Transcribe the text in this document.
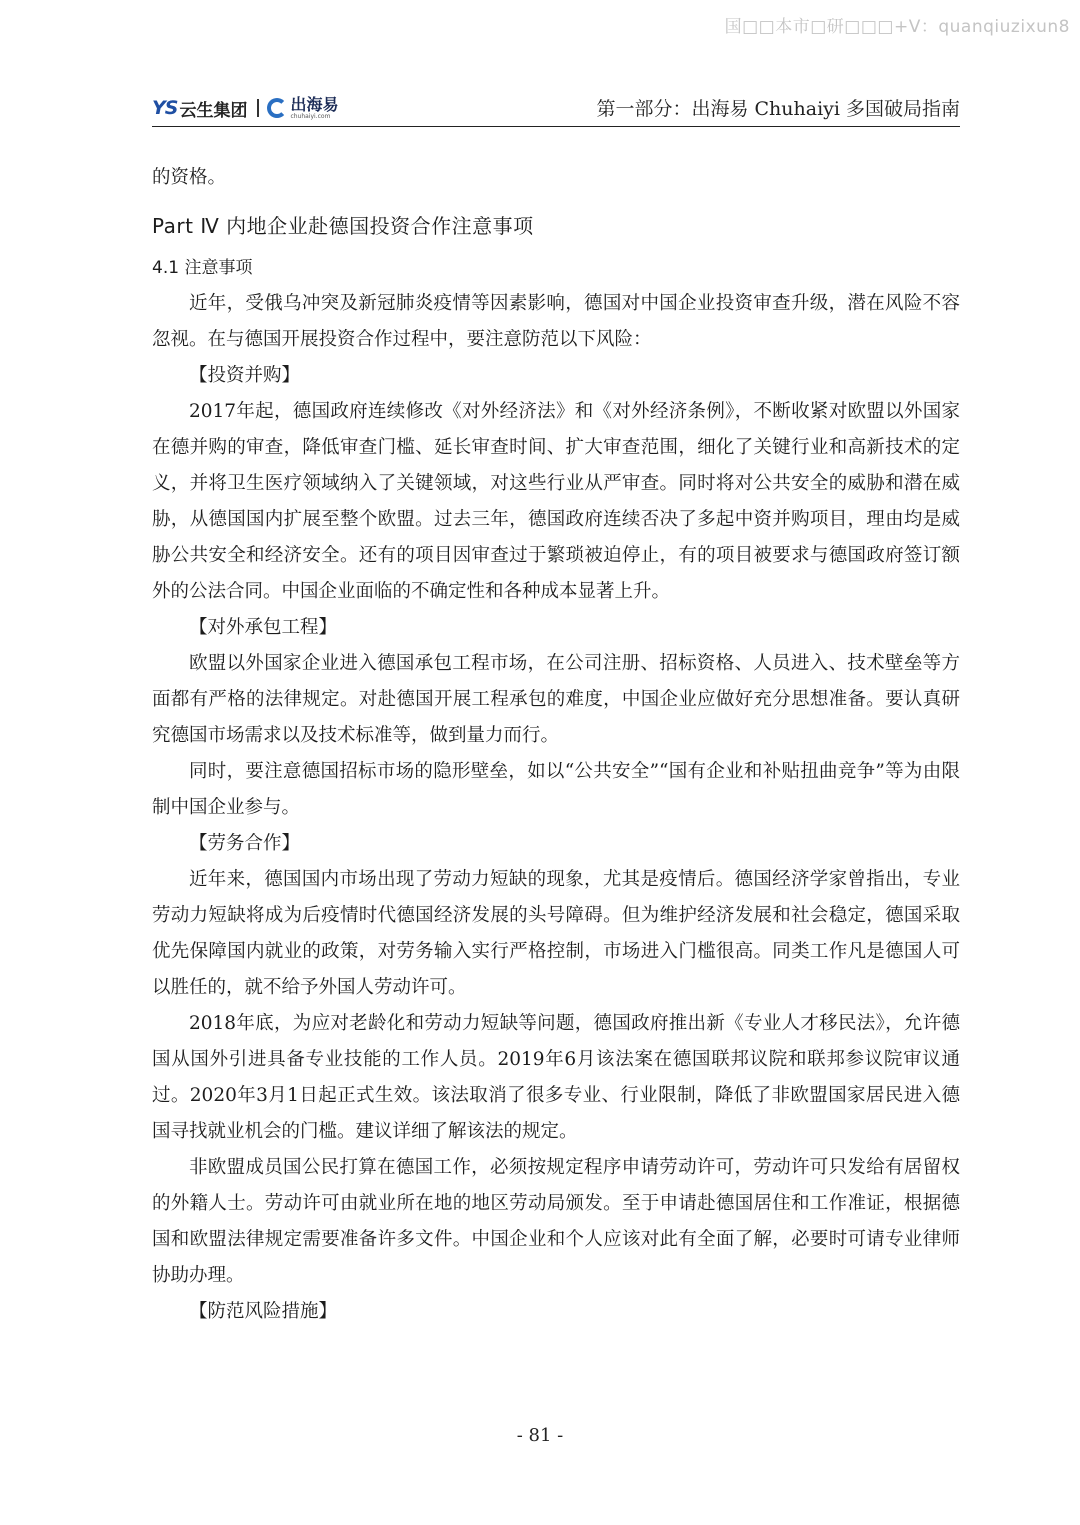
国□□本市□研□□□+V：quanqiuzixun8
YS 云生集团	出海易
chuhaiyi.com	第一部分：出海易 Chuhaiyi 多国破局指南

的资格。

Part Ⅳ 内地企业赴德国投资合作注意事项
4.1 注意事项

近年，受俄乌冲突及新冠肺炎疫情等因素影响，德国对中国企业投资审查升级，潜在风险不容忽视。在与德国开展投资合作过程中，要注意防范以下风险：

【投资并购】

2017年起，德国政府连续修改《对外经济法》和《对外经济条例》，不断收紧对欧盟以外国家在德并购的审查，降低审查门槛、延长审查时间、扩大审查范围，细化了关键行业和高新技术的定义，并将卫生医疗领域纳入了关键领域，对这些行业从严审查。同时将对公共安全的威胁和潜在威胁，从德国国内扩展至整个欧盟。过去三年，德国政府连续否决了多起中资并购项目，理由均是威胁公共安全和经济安全。还有的项目因审查过于繁琐被迫停止，有的项目被要求与德国政府签订额外的公法合同。中国企业面临的不确定性和各种成本显著上升。

【对外承包工程】

欧盟以外国家企业进入德国承包工程市场，在公司注册、招标资格、人员进入、技术壁垒等方面都有严格的法律规定。对赴德国开展工程承包的难度，中国企业应做好充分思想准备。要认真研究德国市场需求以及技术标准等，做到量力而行。

同时，要注意德国招标市场的隐形壁垒，如以“公共安全”“国有企业和补贴扭曲竞争”等为由限制中国企业参与。

【劳务合作】

近年来，德国国内市场出现了劳动力短缺的现象，尤其是疫情后。德国经济学家曾指出，专业劳动力短缺将成为后疫情时代德国经济发展的头号障碍。但为维护经济发展和社会稳定，德国采取优先保障国内就业的政策，对劳务输入实行严格控制，市场进入门槛很高。同类工作凡是德国人可以胜任的，就不给予外国人劳动许可。

2018年底，为应对老龄化和劳动力短缺等问题，德国政府推出新《专业人才移民法》，允许德国从国外引进具备专业技能的工作人员。2019年6月该法案在德国联邦议院和联邦参议院审议通过。2020年3月1日起正式生效。该法取消了很多专业、行业限制，降低了非欧盟国家居民进入德国寻找就业机会的门槛。建议详细了解该法的规定。

非欧盟成员国公民打算在德国工作，必须按规定程序申请劳动许可，劳动许可只发给有居留权的外籍人士。劳动许可由就业所在地的地区劳动局颁发。至于申请赴德国居住和工作准证，根据德国和欧盟法律规定需要准备许多文件。中国企业和个人应该对此有全面了解，必要时可请专业律师协助办理。

【防范风险措施】

- 81 -
